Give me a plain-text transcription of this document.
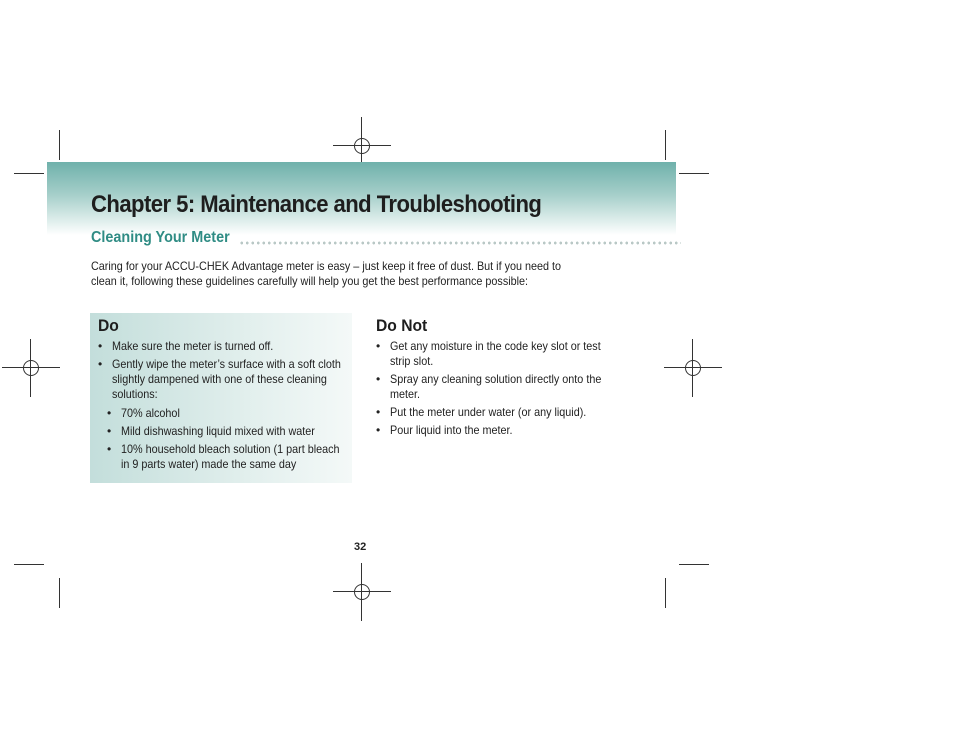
Chapter 5: Maintenance and Troubleshooting
Cleaning Your Meter

Caring for your ACCU-CHEK Advantage meter is easy – just keep it free of dust. But if you need to clean it, following these guidelines carefully will help you get the best performance possible:

Do
• Make sure the meter is turned off.
• Gently wipe the meter’s surface with a soft cloth slightly dampened with one of these cleaning solutions:
• 70% alcohol
• Mild dishwashing liquid mixed with water
• 10% household bleach solution (1 part bleach in 9 parts water) made the same day
Do Not
• Get any moisture in the code key slot or test strip slot.
• Spray any cleaning solution directly onto the meter.
• Put the meter under water (or any liquid).
• Pour liquid into the meter.

32
